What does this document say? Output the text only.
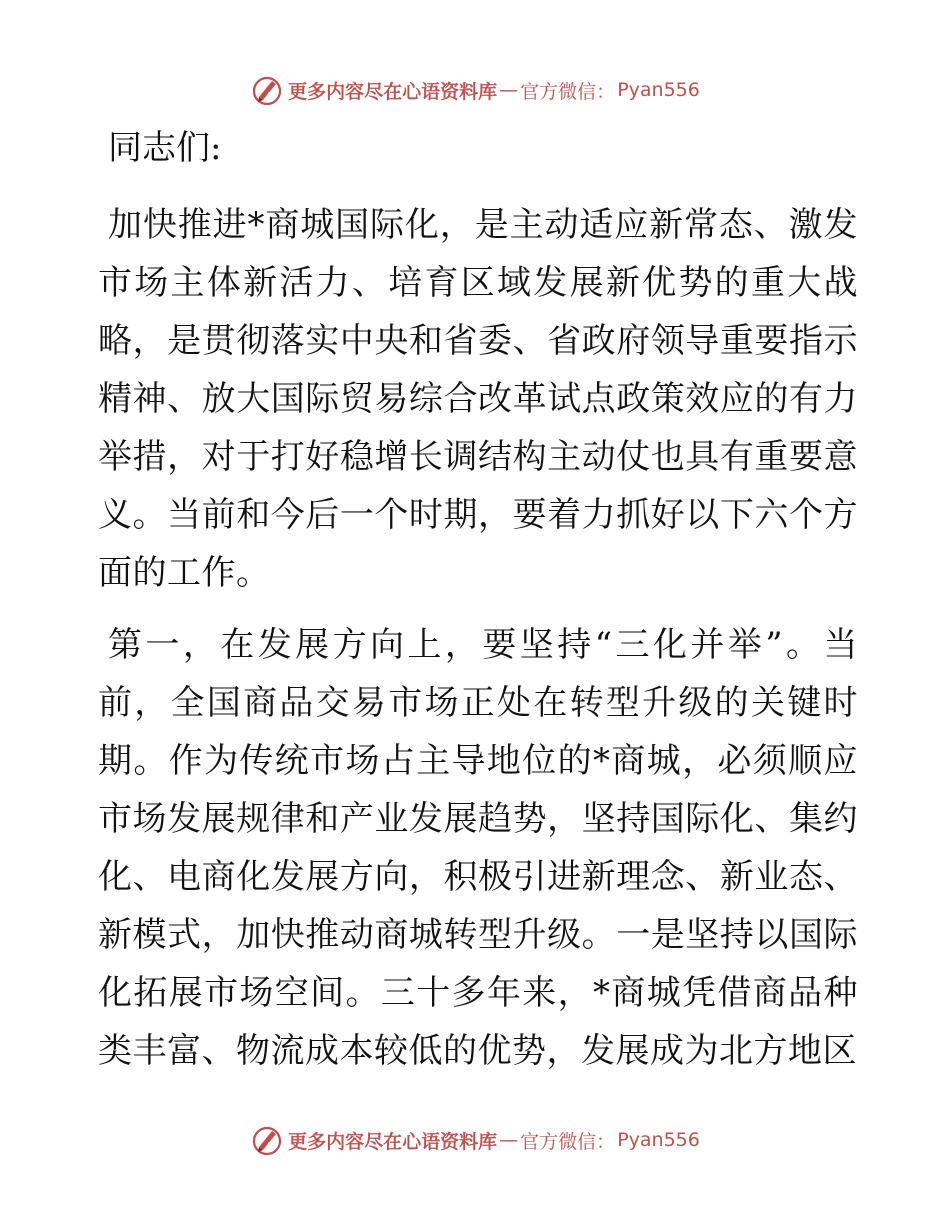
更多内容尽在心语资料库 — 官方微信： Pyan556
同志们:

加快推进*商城国际化，是主动适应新常态、激发市场主体新活力、培育区域发展新优势的重大战略，是贯彻落实中央和省委、省政府领导重要指示精神、放大国际贸易综合改革试点政策效应的有力举措，对于打好稳增长调结构主动仗也具有重要意义。当前和今后一个时期，要着力抓好以下六个方面的工作。

第一，在发展方向上，要坚持“三化并举”。当前，全国商品交易市场正处在转型升级的关键时期。作为传统市场占主导地位的*商城，必须顺应市场发展规律和产业发展趋势，坚持国际化、集约化、电商化发展方向，积极引进新理念、新业态、新模式，加快推动商城转型升级。一是坚持以国际化拓展市场空间。三十多年来，*商城凭借商品种类丰富、物流成本较低的优势，发展成为北方地区

更多内容尽在心语资料库 — 官方微信： Pyan556
